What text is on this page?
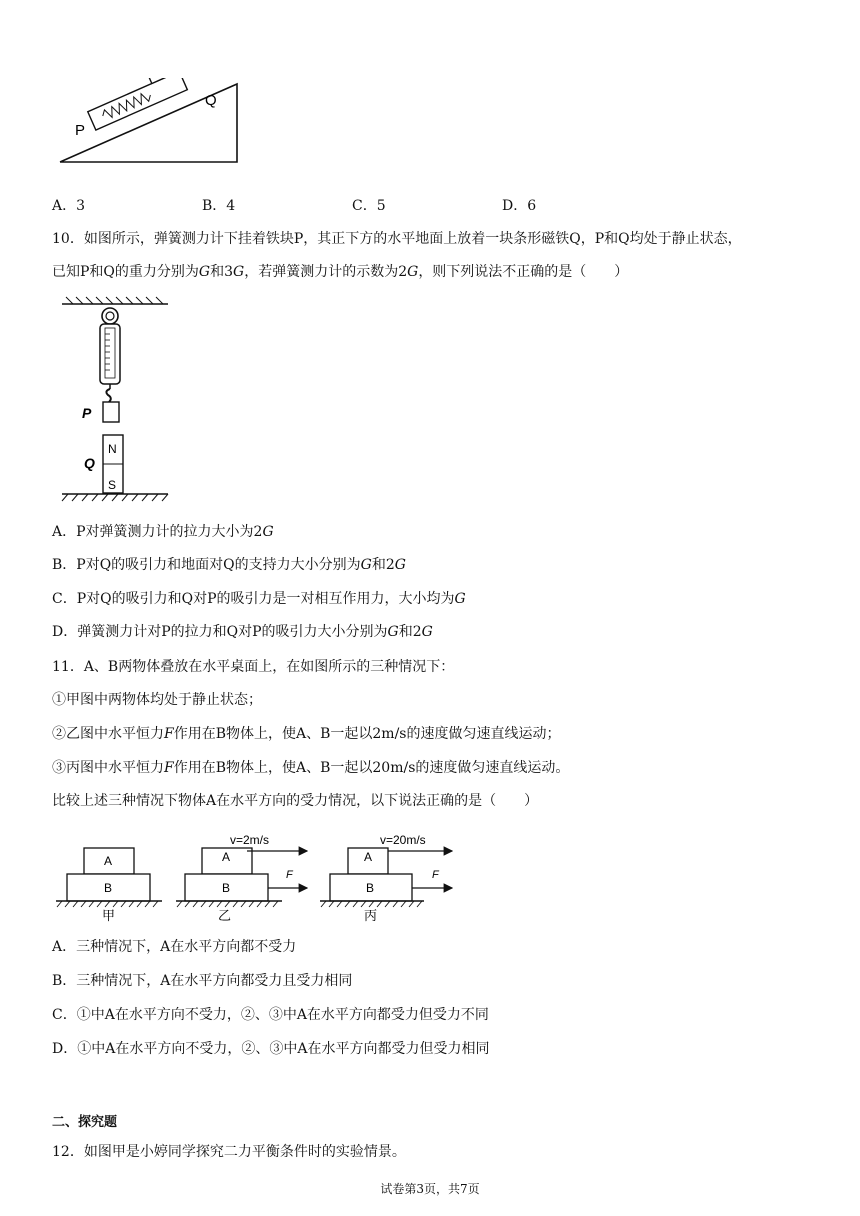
P
Q
A．3	B．4	C．5	D．6
10．如图所示，弹簧测力计下挂着铁块P，其正下方的水平地面上放着一块条形磁铁Q，P和Q均处于静止状态，
已知P和Q的重力分别为G和3G，若弹簧测力计的示数为2G，则下列说法不正确的是（　　）
P
N
S
Q
A．P对弹簧测力计的拉力大小为2G
B．P对Q的吸引力和地面对Q的支持力大小分别为G和2G
C．P对Q的吸引力和Q对P的吸引力是一对相互作用力，大小均为G
D．弹簧测力计对P的拉力和Q对P的吸引力大小分别为G和2G
11．A、B两物体叠放在水平桌面上，在如图所示的三种情况下：
①甲图中两物体均处于静止状态；
②乙图中水平恒力F作用在B物体上，使A、B一起以2m/s的速度做匀速直线运动；
③丙图中水平恒力F作用在B物体上，使A、B一起以20m/s的速度做匀速直线运动。
比较上述三种情况下物体A在水平方向的受力情况，以下说法正确的是（　　）
A
B
甲
A
B
v=2m/s
F
乙
A
B
v=20m/s
F
丙
A．三种情况下，A在水平方向都不受力
B．三种情况下，A在水平方向都受力且受力相同
C．①中A在水平方向不受力，②、③中A在水平方向都受力但受力不同
D．①中A在水平方向不受力，②、③中A在水平方向都受力但受力相同
二、探究题
12．如图甲是小婷同学探究二力平衡条件时的实验情景。
试卷第3页，共7页
